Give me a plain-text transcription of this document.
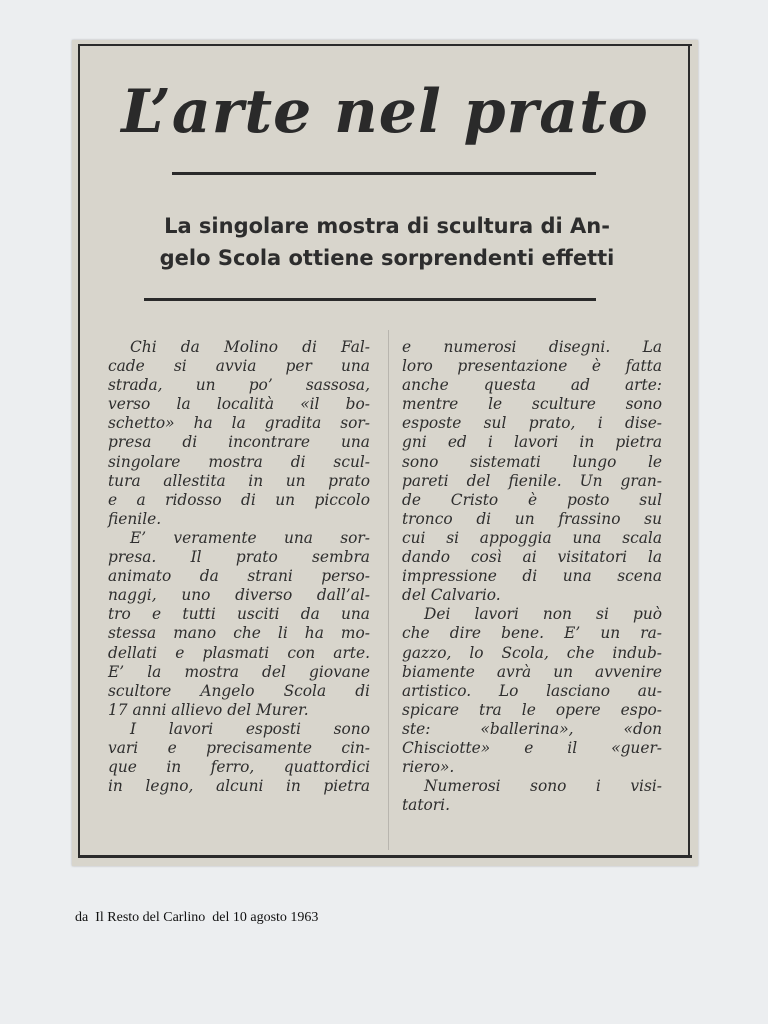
L’arte nel prato
La singolare mostra di scultura di An-
gelo Scola ottiene sorprendenti effetti
Chi da Molino di Fal-
cade si avvia per una
strada, un po’ sassosa,
verso la località «il bo-
schetto» ha la gradita sor-
presa di incontrare una
singolare mostra di scul-
tura allestita in un prato
e a ridosso di un piccolo
fienile.
E’ veramente una sor-
presa. Il prato sembra
animato da strani perso-
naggi, uno diverso dall’al-
tro e tutti usciti da una
stessa mano che li ha mo-
dellati e plasmati con arte.
E’ la mostra del giovane
scultore Angelo Scola di
17 anni allievo del Murer.
I lavori esposti sono
vari e precisamente cin-
que in ferro, quattordici
in legno, alcuni in pietra
e numerosi disegni. La
loro presentazione è fatta
anche questa ad arte:
mentre le sculture sono
esposte sul prato, i dise-
gni ed i lavori in pietra
sono sistemati lungo le
pareti del fienile. Un gran-
de Cristo è posto sul
tronco di un frassino su
cui si appoggia una scala
dando così ai visitatori la
impressione di una scena
del Calvario.
Dei lavori non si può
che dire bene. E’ un ra-
gazzo, lo Scola, che indub-
biamente avrà un avvenire
artistico. Lo lasciano au-
spicare tra le opere espo-
ste: «ballerina», «don
Chisciotte» e il «guer-
riero».
Numerosi sono i visi-
tatori.
da  Il Resto del Carlino  del 10 agosto 1963
